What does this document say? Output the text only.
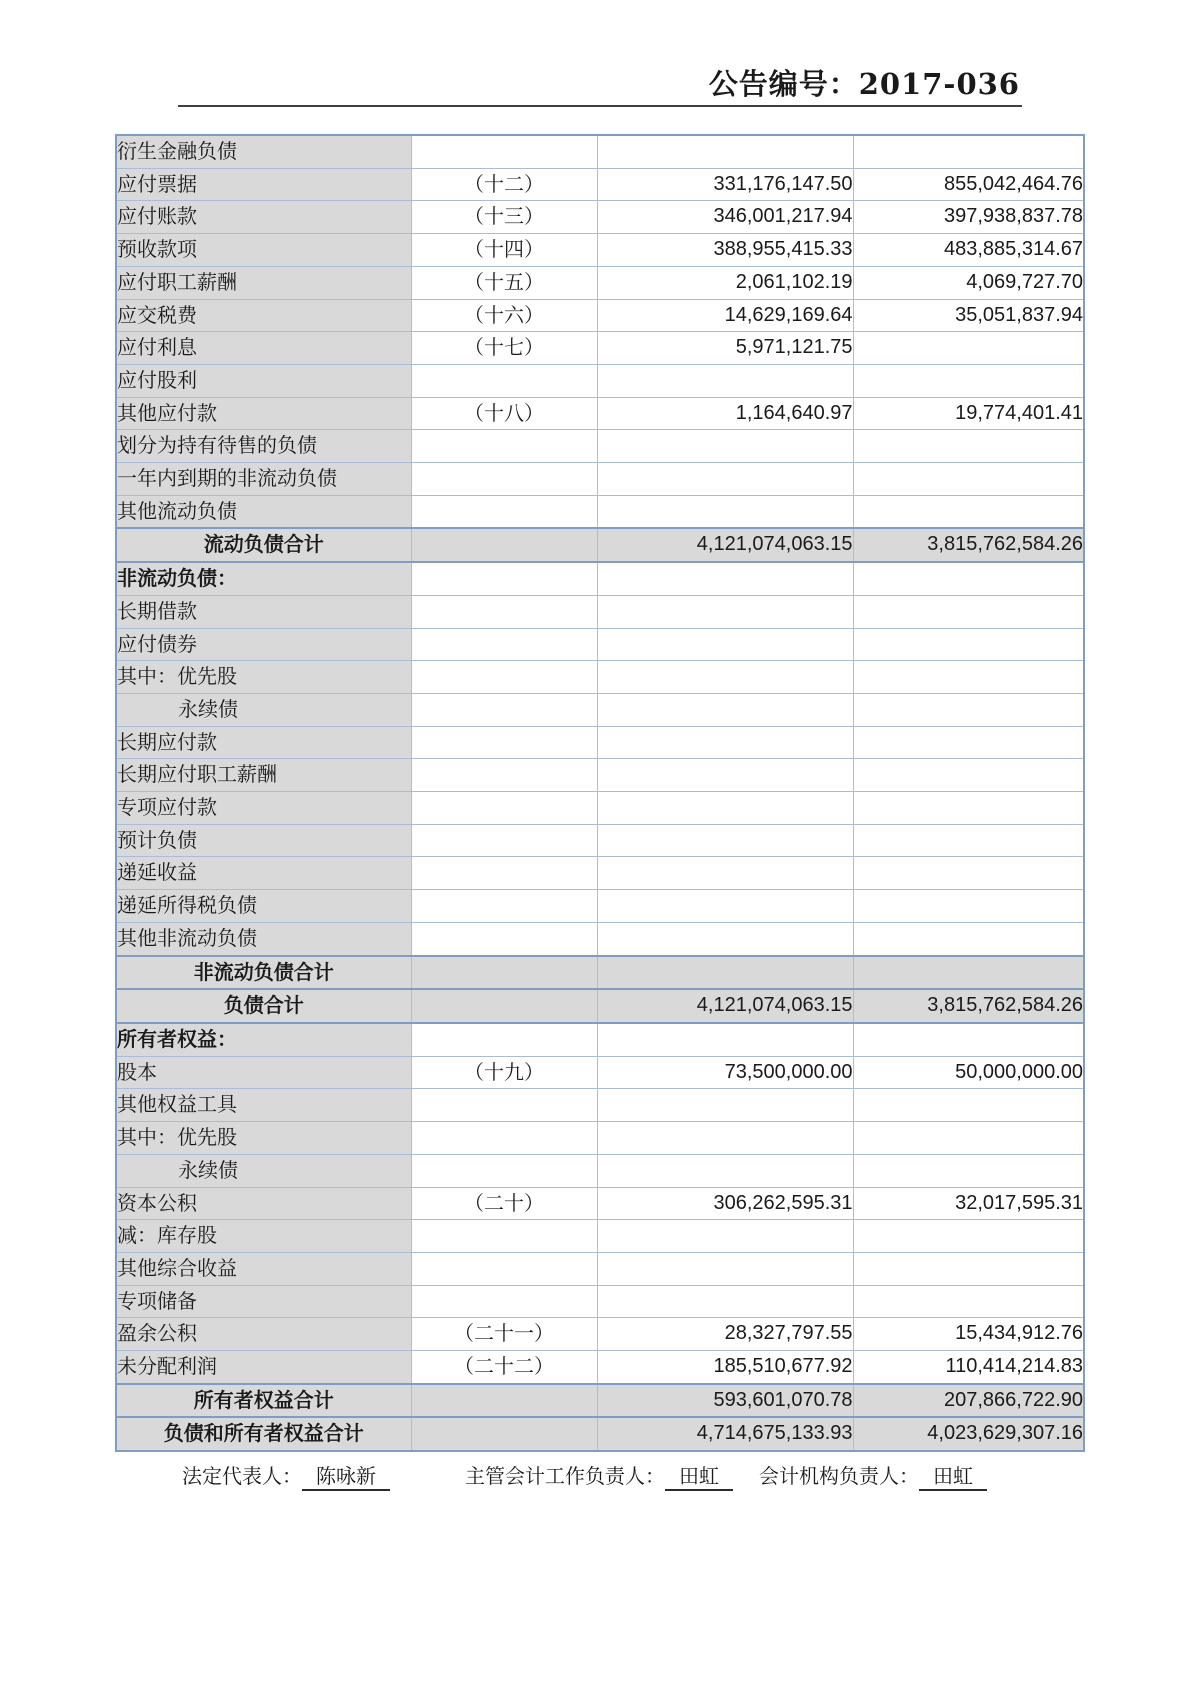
公告编号：2017-036
衍生金融负债			
应付票据	（十二）	331,176,147.50	855,042,464.76
应付账款	（十三）	346,001,217.94	397,938,837.78
预收款项	（十四）	388,955,415.33	483,885,314.67
应付职工薪酬	（十五）	2,061,102.19	4,069,727.70
应交税费	（十六）	14,629,169.64	35,051,837.94
应付利息	（十七）	5,971,121.75	
应付股利			
其他应付款	（十八）	1,164,640.97	19,774,401.41
划分为持有待售的负债			
一年内到期的非流动负债			
其他流动负债			
流动负债合计		4,121,074,063.15	3,815,762,584.26
非流动负债：			
长期借款			
应付债券			
其中：优先股			
永续债			
长期应付款			
长期应付职工薪酬			
专项应付款			
预计负债			
递延收益			
递延所得税负债			
其他非流动负债			
非流动负债合计			
负债合计		4,121,074,063.15	3,815,762,584.26
所有者权益：			
股本	（十九）	73,500,000.00	50,000,000.00
其他权益工具			
其中：优先股			
永续债			
资本公积	（二十）	306,262,595.31	32,017,595.31
减：库存股			
其他综合收益			
专项储备			
盈余公积	（二十一）	28,327,797.55	15,434,912.76
未分配利润	（二十二）	185,510,677.92	110,414,214.83
所有者权益合计		593,601,070.78	207,866,722.90
负债和所有者权益合计		4,714,675,133.93	4,023,629,307.16
法定代表人： 陈咏新	主管会计工作负责人： 田虹	会计机构负责人： 田虹
